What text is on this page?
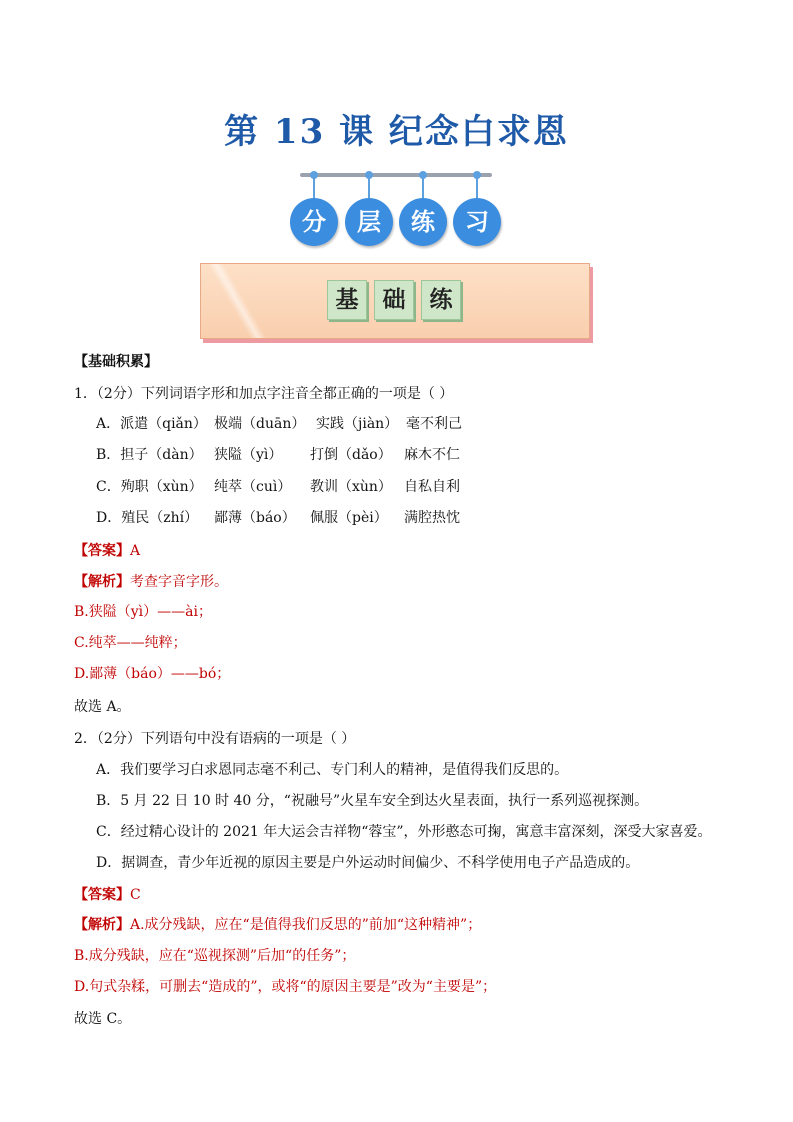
第 13 课 纪念白求恩
分	层	练	习
基	础	练
【基础积累】
1．（2分）下列词语字形和加点字注音全都正确的一项是（ ）
A．派遣（qiǎn） 极端（duān） 实践（jiàn） 毫不利己
B．担子（dàn） 狭隘（yì） 打倒（dǎo） 麻木不仁
C．殉职（xùn） 纯萃（cuì） 教训（xùn） 自私自利
D．殖民（zhí） 鄙薄（báo） 佩服（pèi） 满腔热忱
【答案】A
【解析】考查字音字形。
B.狭隘（yì）——ài；
C.纯萃——纯粹；
D.鄙薄（báo）——bó；
故选 A。
2．（2分）下列语句中没有语病的一项是（ ）
A．我们要学习白求恩同志毫不利己、专门利人的精神，是值得我们反思的。
B．5 月 22 日 10 时 40 分，“祝融号”火星车安全到达火星表面，执行一系列巡视探测。
C．经过精心设计的 2021 年大运会吉祥物“蓉宝”，外形憨态可掬，寓意丰富深刻，深受大家喜爱。
D．据调查，青少年近视的原因主要是户外运动时间偏少、不科学使用电子产品造成的。
【答案】C
【解析】A.成分残缺，应在“是值得我们反思的”前加“这种精神”；
B.成分残缺，应在“巡视探测”后加“的任务”；
D.句式杂糅，可删去“造成的”，或将“的原因主要是”改为“主要是”；
故选 C。
